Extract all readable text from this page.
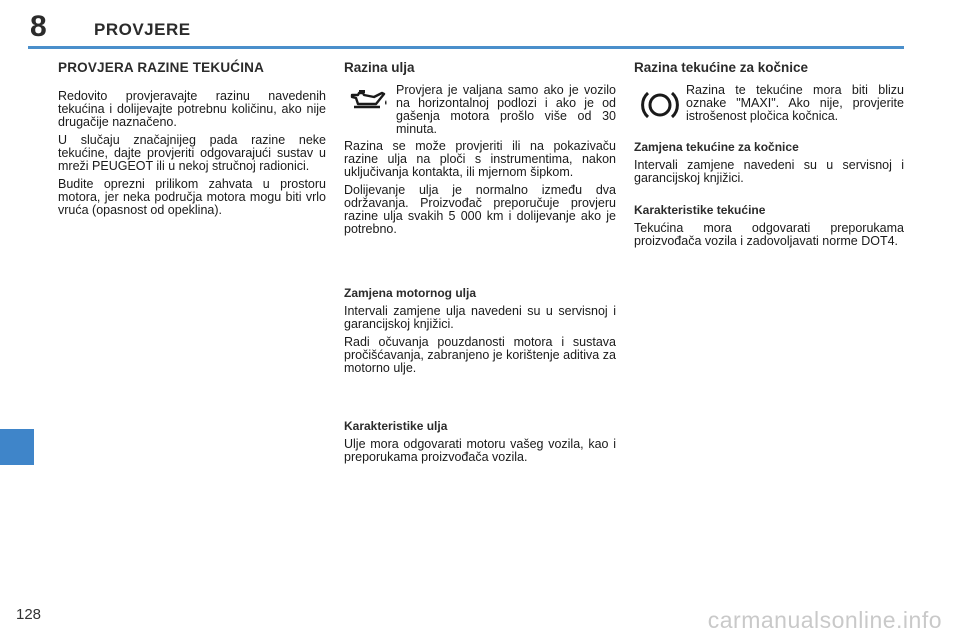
8	PROVJERE
PROVJERA RAZINE TEKUĆINA

Redovito provjeravajte razinu navedenih tekućina i dolijevajte potrebnu količinu, ako nije drugačije naznačeno.

U slučaju značajnijeg pada razine neke tekućine, dajte provjeriti odgovarajući sustav u mreži PEUGEOT ili u nekoj stručnoj radionici.

Budite oprezni prilikom zahvata u prostoru motora, jer neka područja motora mogu biti vrlo vruća (opasnost od opeklina).

Razina ulja

Provjera je valjana samo ako je vozilo na horizontalnoj podlozi i ako je od gašenja motora prošlo više od 30 minuta.

Razina se može provjeriti ili na pokazivaču razine ulja na ploči s instrumentima, nakon uključivanja kontakta, ili mjernom šipkom.

Dolijevanje ulja je normalno između dva održavanja. Proizvođač preporučuje provjeru razine ulja svakih 5 000 km i dolijevanje ako je potrebno.

Zamjena motornog ulja

Intervali zamjene ulja navedeni su u servisnoj i garancijskoj knjižici.

Radi očuvanja pouzdanosti motora i sustava pročišćavanja, zabranjeno je korištenje aditiva za motorno ulje.

Karakteristike ulja

Ulje mora odgovarati motoru vašeg vozila, kao i preporukama proizvođača vozila.

Razina tekućine za kočnice

Razina te tekućine mora biti blizu oznake "MAXI". Ako nije, provjerite istrošenost pločica kočnica.

Zamjena tekućine za kočnice

Intervali zamjene navedeni su u servisnoj i garancijskoj knjižici.

Karakteristike tekućine

Tekućina mora odgovarati preporukama proizvođača vozila i zadovoljavati norme DOT4.

128	carmanualsonline.info
